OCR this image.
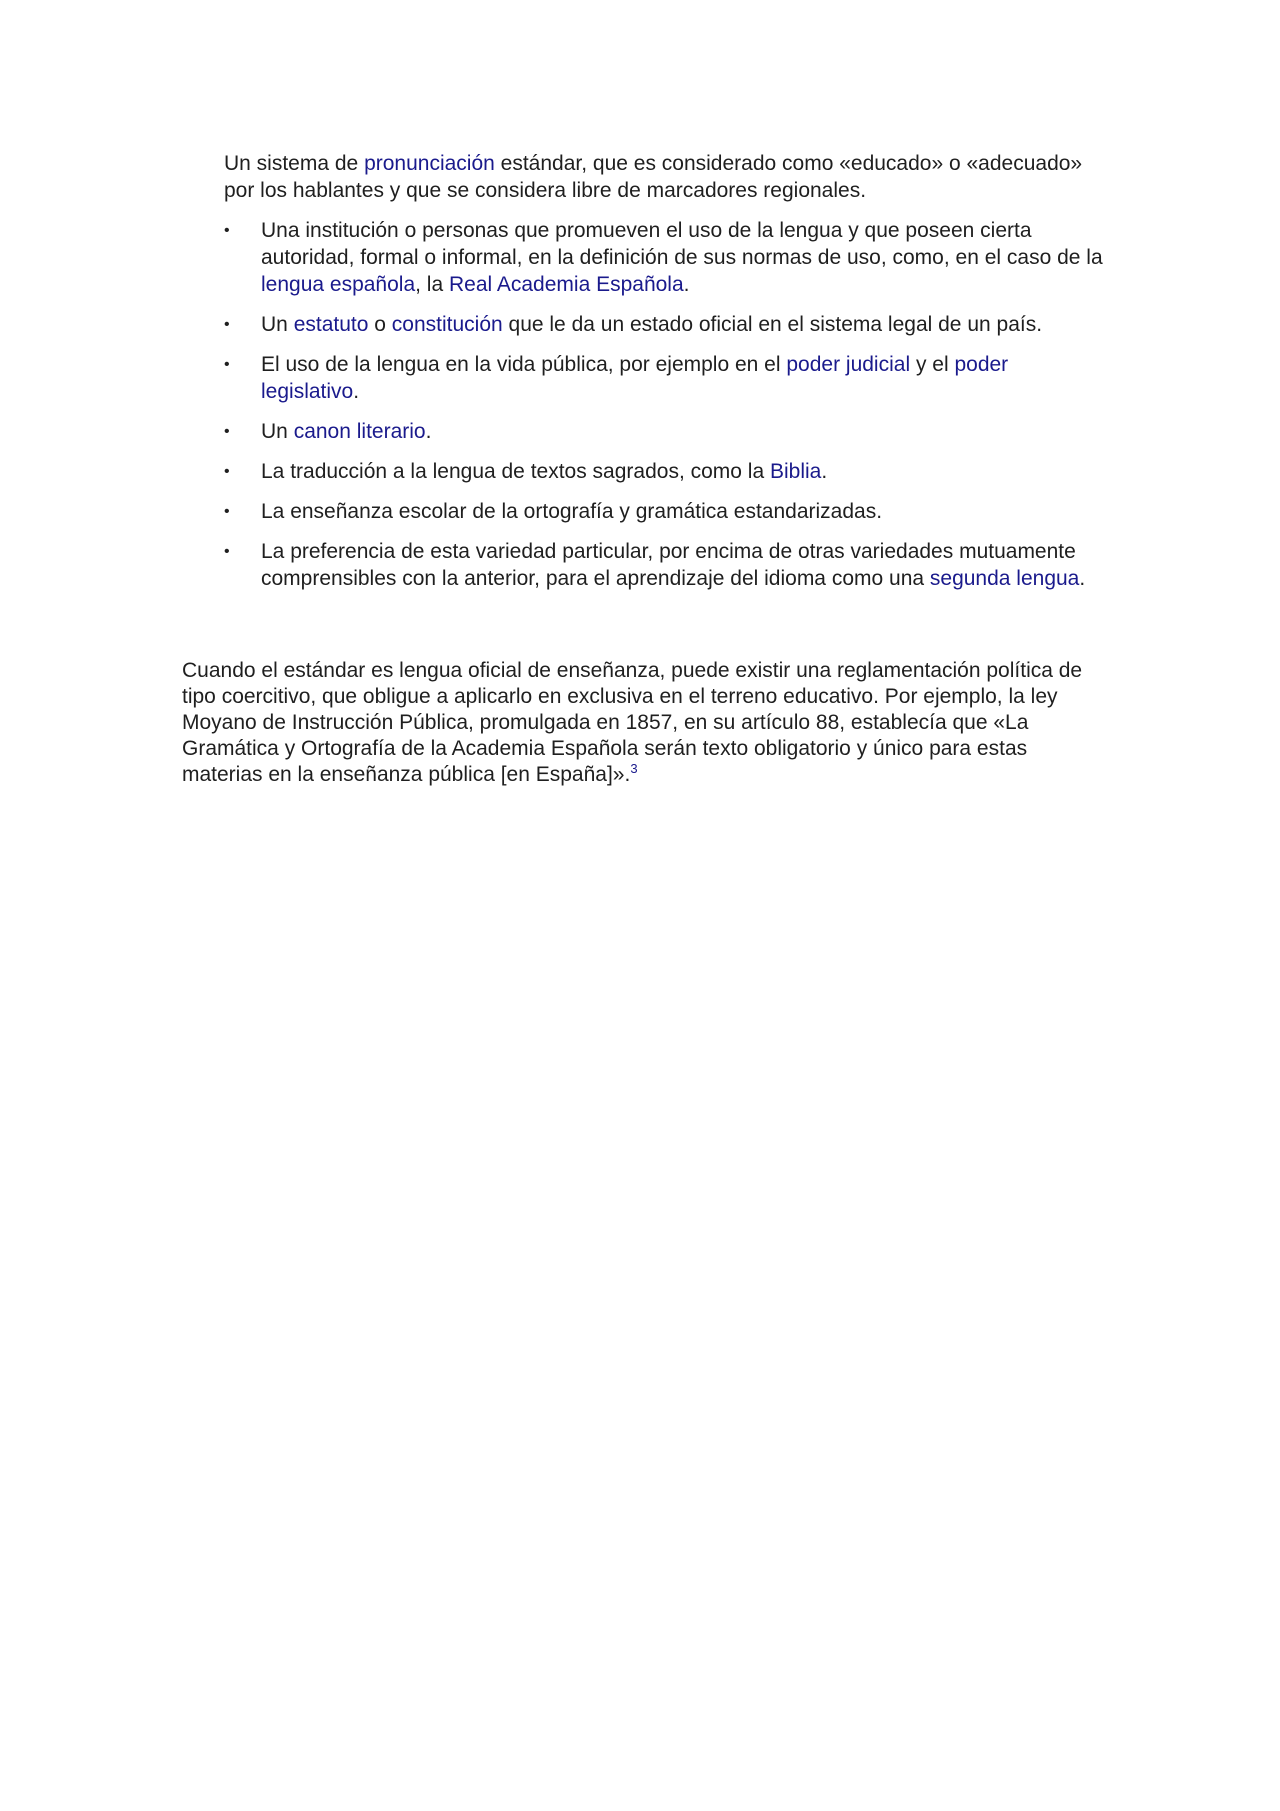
Un sistema de pronunciación estándar, que es considerado como «educado» o «adecuado» por los hablantes y que se considera libre de marcadores regionales.

• Una institución o personas que promueven el uso de la lengua y que poseen cierta autoridad, formal o informal, en la definición de sus normas de uso, como, en el caso de la lengua española, la Real Academia Española.
• Un estatuto o constitución que le da un estado oficial en el sistema legal de un país.
• El uso de la lengua en la vida pública, por ejemplo en el poder judicial y el poder legislativo.
• Un canon literario.
• La traducción a la lengua de textos sagrados, como la Biblia.
• La enseñanza escolar de la ortografía y gramática estandarizadas.
• La preferencia de esta variedad particular, por encima de otras variedades mutuamente comprensibles con la anterior, para el aprendizaje del idioma como una segunda lengua.

Cuando el estándar es lengua oficial de enseñanza, puede existir una reglamentación política de tipo coercitivo, que obligue a aplicarlo en exclusiva en el terreno educativo. Por ejemplo, la ley Moyano de Instrucción Pública, promulgada en 1857, en su artículo 88, establecía que «La Gramática y Ortografía de la Academia Española serán texto obligatorio y único para estas materias en la enseñanza pública [en España]».$^3$
